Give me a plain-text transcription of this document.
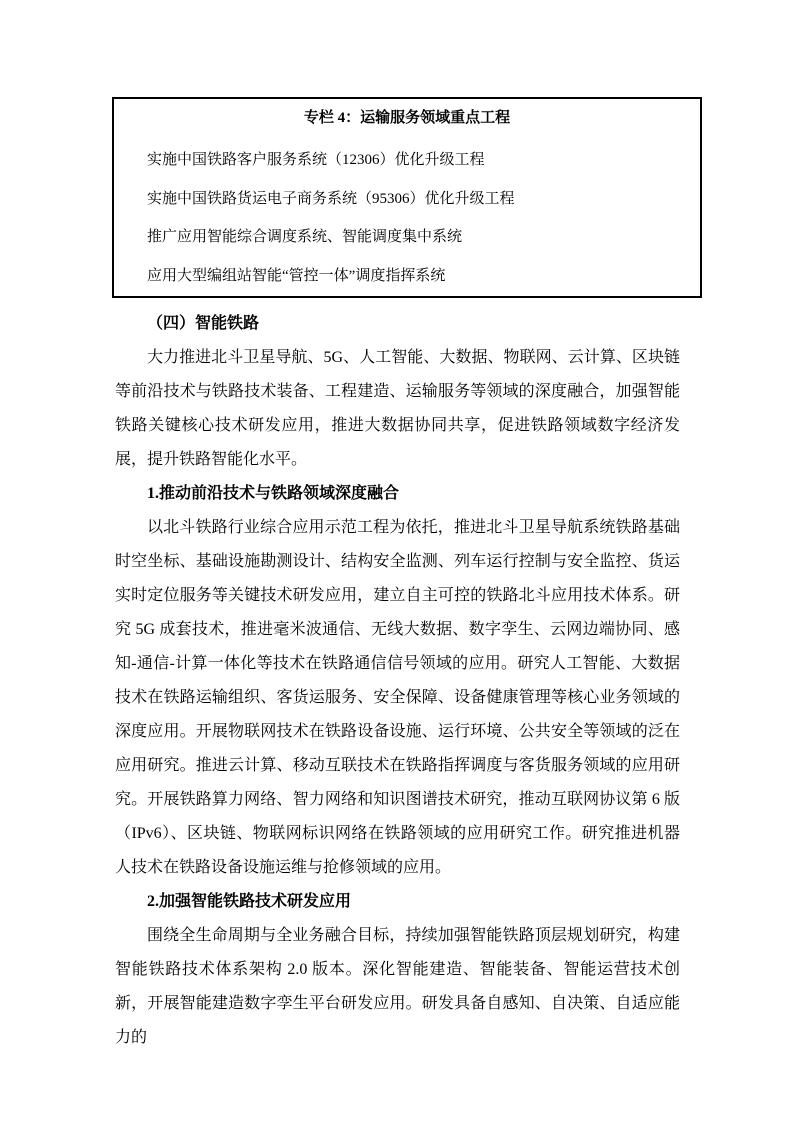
专栏 4：运输服务领域重点工程
实施中国铁路客户服务系统（12306）优化升级工程
实施中国铁路货运电子商务系统（95306）优化升级工程
推广应用智能综合调度系统、智能调度集中系统
应用大型编组站智能“管控一体”调度指挥系统
（四）智能铁路

大力推进北斗卫星导航、5G、人工智能、大数据、物联网、云计算、区块链等前沿技术与铁路技术装备、工程建造、运输服务等领域的深度融合，加强智能铁路关键核心技术研发应用，推进大数据协同共享，促进铁路领域数字经济发展，提升铁路智能化水平。

1.推动前沿技术与铁路领域深度融合

以北斗铁路行业综合应用示范工程为依托，推进北斗卫星导航系统铁路基础时空坐标、基础设施勘测设计、结构安全监测、列车运行控制与安全监控、货运实时定位服务等关键技术研发应用，建立自主可控的铁路北斗应用技术体系。研究 5G 成套技术，推进毫米波通信、无线大数据、数字孪生、云网边端协同、感知-通信-计算一体化等技术在铁路通信信号领域的应用。研究人工智能、大数据技术在铁路运输组织、客货运服务、安全保障、设备健康管理等核心业务领域的深度应用。开展物联网技术在铁路设备设施、运行环境、公共安全等领域的泛在应用研究。推进云计算、移动互联技术在铁路指挥调度与客货服务领域的应用研究。开展铁路算力网络、智力网络和知识图谱技术研究，推动互联网协议第 6 版（IPv6）、区块链、物联网标识网络在铁路领域的应用研究工作。研究推进机器人技术在铁路设备设施运维与抢修领域的应用。

2.加强智能铁路技术研发应用

围绕全生命周期与全业务融合目标，持续加强智能铁路顶层规划研究，构建智能铁路技术体系架构 2.0 版本。深化智能建造、智能装备、智能运营技术创新，开展智能建造数字孪生平台研发应用。研发具备自感知、自决策、自适应能力的
